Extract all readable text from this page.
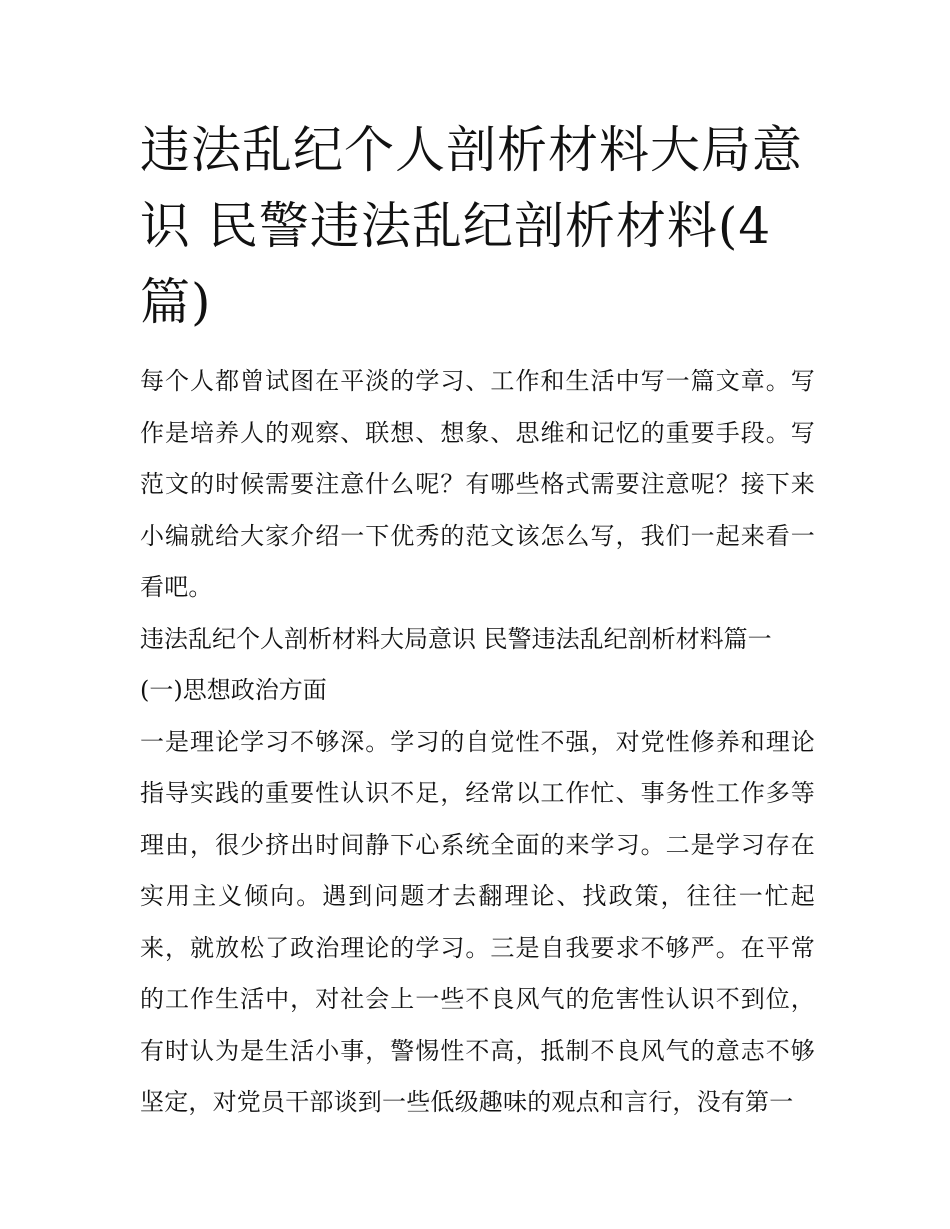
违法乱纪个人剖析材料大局意识 民警违法乱纪剖析材料(4篇)

每个人都曾试图在平淡的学习、工作和生活中写一篇文章。写作是培养人的观察、联想、想象、思维和记忆的重要手段。写范文的时候需要注意什么呢？有哪些格式需要注意呢？接下来小编就给大家介绍一下优秀的范文该怎么写，我们一起来看一看吧。

违法乱纪个人剖析材料大局意识 民警违法乱纪剖析材料篇一

(一)思想政治方面

一是理论学习不够深。学习的自觉性不强，对党性修养和理论指导实践的重要性认识不足，经常以工作忙、事务性工作多等理由，很少挤出时间静下心系统全面的来学习。二是学习存在实用主义倾向。遇到问题才去翻理论、找政策，往往一忙起来，就放松了政治理论的学习。三是自我要求不够严。在平常的工作生活中，对社会上一些不良风气的危害性认识不到位，有时认为是生活小事，警惕性不高，抵制不良风气的意志不够坚定，对党员干部谈到一些低级趣味的观点和言行，没有第一
